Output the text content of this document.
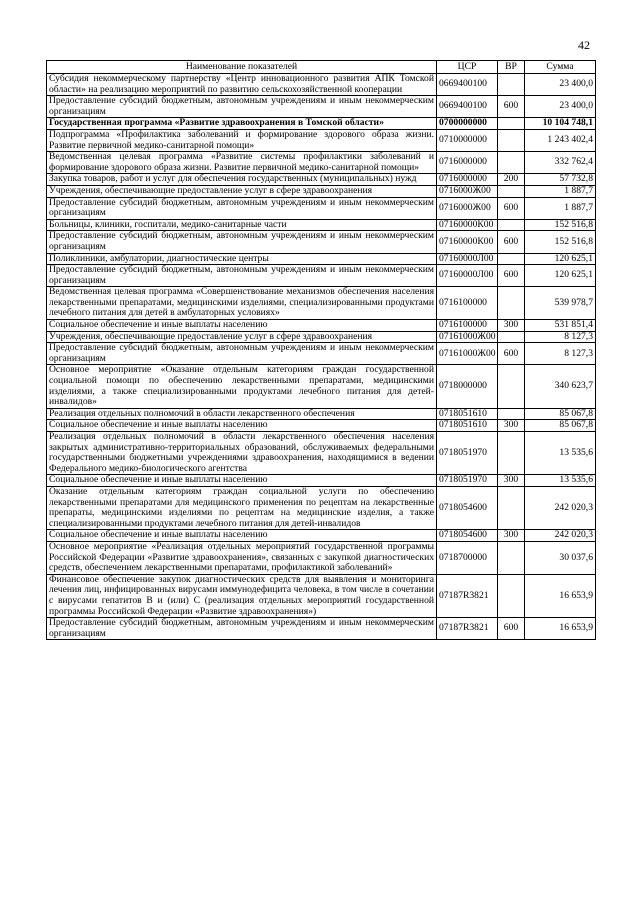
42
Наименование показателей	ЦСР	ВР	Сумма
Субсидия некоммерческому партнерству «Центр инновационного развития АПК Томской области» на реализацию мероприятий по развитию сельскохозяйственной кооперации	0669400100		23 400,0
Предоставление субсидий бюджетным, автономным учреждениям и иным некоммерческим организациям	0669400100	600	23 400,0
Государственная программа «Развитие здравоохранения в Томской области»	0700000000		10 104 748,1
Подпрограмма «Профилактика заболеваний и формирование здорового образа жизни. Развитие первичной медико-санитарной помощи»	0710000000		1 243 402,4
Ведомственная целевая программа «Развитие системы профилактики заболеваний и формирование здорового образа жизни. Развитие первичной медико-санитарной помощи»	0716000000		332 762,4
Закупка товаров, работ и услуг для обеспечения государственных (муниципальных) нужд	0716000000	200	57 732,8
Учреждения, обеспечивающие предоставление услуг в сфере здравоохранения	0716000Ж00		1 887,7
Предоставление субсидий бюджетным, автономным учреждениям и иным некоммерческим организациям	0716000Ж00	600	1 887,7
Больницы, клиники, госпитали, медико-санитарные части	07160000К00		152 516,8
Предоставление субсидий бюджетным, автономным учреждениям и иным некоммерческим организациям	07160000К00	600	152 516,8
Поликлиники, амбулатории, диагностические центры	07160000Л00		120 625,1
Предоставление субсидий бюджетным, автономным учреждениям и иным некоммерческим организациям	07160000Л00	600	120 625,1
Ведомственная целевая программа «Совершенствование механизмов обеспечения населения лекарственными препаратами, медицинскими изделиями, специализированными продуктами лечебного питания для детей в амбулаторных условиях»	0716100000		539 978,7
Социальное обеспечение и иные выплаты населению	0716100000	300	531 851,4
Учреждения, обеспечивающие предоставление услуг в сфере здравоохранения	07161000Ж00		8 127,3
Предоставление субсидий бюджетным, автономным учреждениям и иным некоммерческим организациям	07161000Ж00	600	8 127,3
Основное мероприятие «Оказание отдельным категориям граждан государственной социальной помощи по обеспечению лекарственными препаратами, медицинскими изделиями, а также специализированными продуктами лечебного питания для детей-инвалидов»	0718000000		340 623,7
Реализация отдельных полномочий в области лекарственного обеспечения	0718051610		85 067,8
Социальное обеспечение и иные выплаты населению	0718051610	300	85 067,8
Реализация отдельных полномочий в области лекарственного обеспечения населения закрытых административно-территориальных образований, обслуживаемых федеральными государственными бюджетными учреждениями здравоохранения, находящимися в ведении Федерального медико-биологического агентства	0718051970		13 535,6
Социальное обеспечение и иные выплаты населению	0718051970	300	13 535,6
Оказание отдельным категориям граждан социальной услуги по обеспечению лекарственными препаратами для медицинского применения по рецептам на лекарственные препараты, медицинскими изделиями по рецептам на медицинские изделия, а также специализированными продуктами лечебного питания для детей-инвалидов	0718054600		242 020,3
Социальное обеспечение и иные выплаты населению	0718054600	300	242 020,3
Основное мероприятие «Реализация отдельных мероприятий государственной программы Российской Федерации «Развитие здравоохранения», связанных с закупкой диагностических средств, обеспечением лекарственными препаратами, профилактикой заболеваний»	0718700000		30 037,6
Финансовое обеспечение закупок диагностических средств для выявления и мониторинга лечения лиц, инфицированных вирусами иммунодефицита человека, в том числе в сочетании с вирусами гепатитов В и (или) С (реализация отдельных мероприятий государственной программы Российской Федерации «Развитие здравоохранения»)	07187R3821		16 653,9
Предоставление субсидий бюджетным, автономным учреждениям и иным некоммерческим организациям	07187R3821	600	16 653,9
